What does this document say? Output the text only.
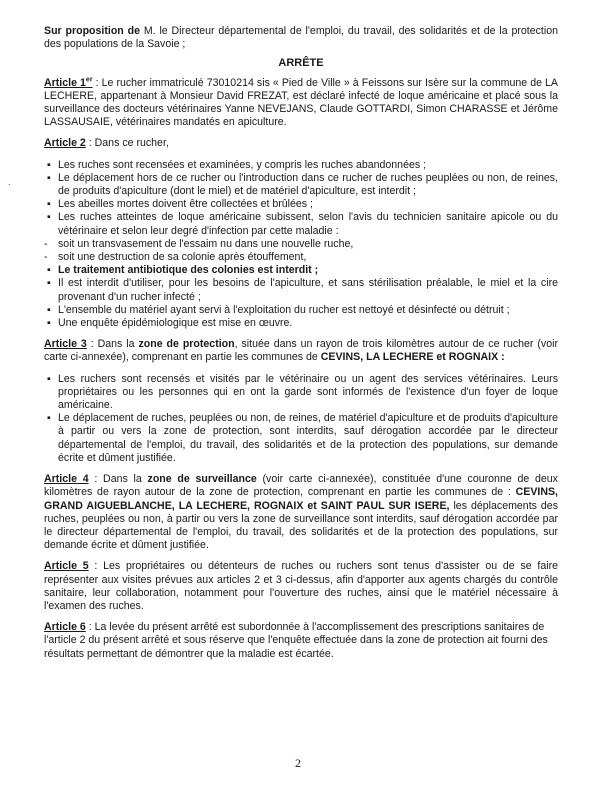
.

Sur proposition de M. le Directeur départemental de l'emploi, du travail, des solidarités et de la protection des populations de la Savoie ;

ARRÊTE

Article 1er : Le rucher immatriculé 73010214 sis « Pied de Ville » à Feissons sur Isère sur la commune de LA LECHERE, appartenant à Monsieur David FREZAT, est déclaré infecté de loque américaine et placé sous la surveillance des docteurs vétérinaires Yanne NEVEJANS, Claude GOTTARDI, Simon CHARASSE et Jérôme LASSAUSAIE, vétérinaires mandatés en apiculture.

Article 2 : Dans ce rucher,

▪ Les ruches sont recensées et examinées, y compris les ruches abandonnées ;

▪ Le déplacement hors de ce rucher ou l'introduction dans ce rucher de ruches peuplées ou non, de reines, de produits d'apiculture (dont le miel) et de matériel d'apiculture, est interdit ;

▪ Les abeilles mortes doivent être collectées et brûlées ;

▪ Les ruches atteintes de loque américaine subissent, selon l'avis du technicien sanitaire apicole ou du vétérinaire et selon leur degré d'infection par cette maladie :

- soit un transvasement de l'essaim nu dans une nouvelle ruche,

- soit une destruction de sa colonie après étouffement,

▪ Le traitement antibiotique des colonies est interdit ;

▪ Il est interdit d'utiliser, pour les besoins de l'apiculture, et sans stérilisation préalable, le miel et la cire provenant d'un rucher infecté ;

▪ L'ensemble du matériel ayant servi à l'exploitation du rucher est nettoyé et désinfecté ou détruit ;

▪ Une enquête épidémiologique est mise en œuvre.

Article 3 : Dans la zone de protection, située dans un rayon de trois kilomètres autour de ce rucher (voir carte ci-annexée), comprenant en partie les communes de CEVINS, LA LECHERE et ROGNAIX :

▪ Les ruchers sont recensés et visités par le vétérinaire ou un agent des services vétérinaires. Leurs propriétaires ou les personnes qui en ont la garde sont informés de l'existence d'un foyer de loque américaine.

▪ Le déplacement de ruches, peuplées ou non, de reines, de matériel d'apiculture et de produits d'apiculture à partir ou vers la zone de protection, sont interdits, sauf dérogation accordée par le directeur départemental de l'emploi, du travail, des solidarités et de la protection des populations, sur demande écrite et dûment justifiée.

Article 4 : Dans la zone de surveillance (voir carte ci-annexée), constituée d'une couronne de deux kilomètres de rayon autour de la zone de protection, comprenant en partie les communes de : CEVINS, GRAND AIGUEBLANCHE, LA LECHERE, ROGNAIX et SAINT PAUL SUR ISERE, les déplacements des ruches, peuplées ou non, à partir ou vers la zone de surveillance sont interdits, sauf dérogation accordée par le directeur départemental de l'emploi, du travail, des solidarités et de la protection des populations, sur demande écrite et dûment justifiée.

Article 5 : Les propriétaires ou détenteurs de ruches ou ruchers sont tenus d'assister ou de se faire représenter aux visites prévues aux articles 2 et 3 ci-dessus, afin d'apporter aux agents chargés du contrôle sanitaire, leur collaboration, notamment pour l'ouverture des ruches, ainsi que le matériel nécessaire à l'examen des ruches.

Article 6 : La levée du présent arrêté est subordonnée à l'accomplissement des prescriptions sanitaires de l'article 2 du présent arrêté et sous réserve que l'enquête effectuée dans la zone de protection ait fourni des résultats permettant de démontrer que la maladie est écartée.

2
